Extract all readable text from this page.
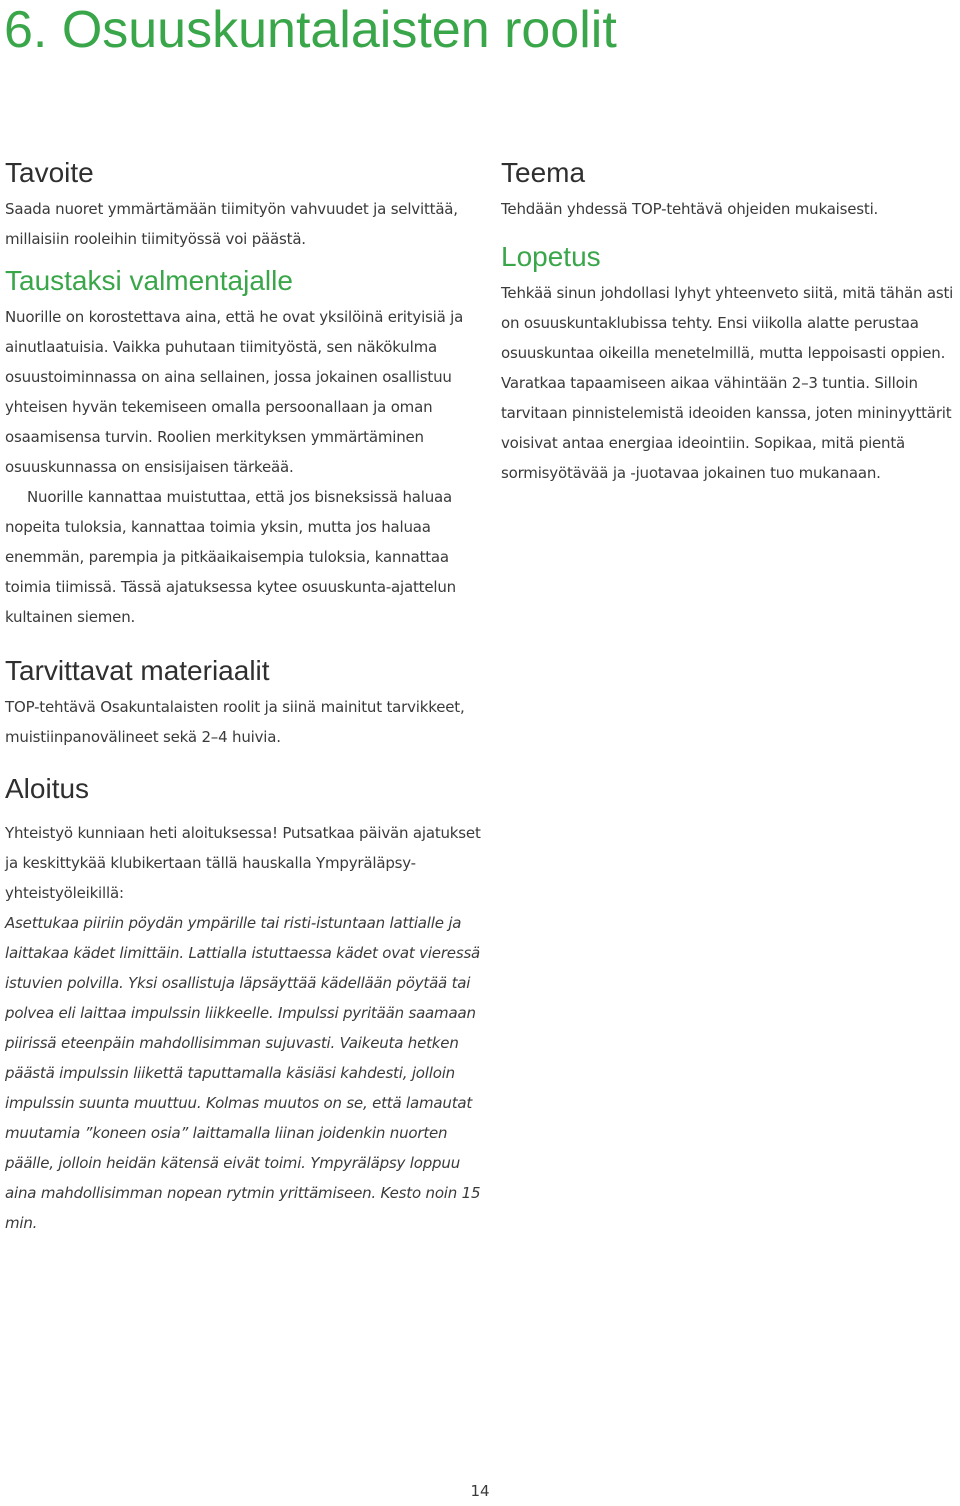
6. Osuuskuntalaisten roolit
Tavoite

Saada nuoret ymmärtämään tiimityön vahvuudet ja selvittää, millaisiin rooleihin tiimityössä voi päästä.

Taustaksi valmentajalle

Nuorille on korostettava aina, että he ovat yksilöinä erityisiä ja ainutlaatuisia. Vaikka puhutaan tiimityöstä, sen näkökulma osuustoiminnassa on aina sellainen, jossa jokainen osallistuu yhteisen hyvän tekemiseen omalla persoonallaan ja oman osaamisensa turvin. Roolien merkityksen ymmärtäminen osuuskunnassa on ensisijaisen tärkeää.

Nuorille kannattaa muistuttaa, että jos bisneksissä haluaa nopeita tuloksia, kannattaa toimia yksin, mutta jos haluaa enemmän, parempia ja pitkäaikaisempia tuloksia, kannattaa toimia tiimissä. Tässä ajatuksessa kytee osuuskunta-ajattelun kultainen siemen.

Tarvittavat materiaalit

TOP-tehtävä Osakuntalaisten roolit ja siinä mainitut tarvikkeet, muistiinpanovälineet sekä 2–4 huivia.

Aloitus

Yhteistyö kunniaan heti aloituksessa! Putsatkaa päivän ajatukset ja keskittykää klubikertaan tällä hauskalla Ympyräläpsy-yhteistyöleikillä:

Asettukaa piiriin pöydän ympärille tai risti-istuntaan lattialle ja laittakaa kädet limittäin. Lattialla istuttaessa kädet ovat vieressä istuvien polvilla. Yksi osallistuja läpsäyttää kädellään pöytää tai polvea eli laittaa impulssin liikkeelle. Impulssi pyritään saamaan piirissä eteenpäin mahdollisimman sujuvasti. Vaikeuta hetken päästä impulssin liikettä taputtamalla käsiäsi kahdesti, jolloin impulssin suunta muuttuu. Kolmas muutos on se, että lamautat muutamia ”koneen osia” laittamalla liinan joidenkin nuorten päälle, jolloin heidän kätensä eivät toimi. Ympyräläpsy loppuu aina mahdollisimman nopean rytmin yrittämiseen. Kesto noin 15 min.

Teema

Tehdään yhdessä TOP-tehtävä ohjeiden mukaisesti.

Lopetus

Tehkää sinun johdollasi lyhyt yhteenveto siitä, mitä tähän asti on osuuskuntaklubissa tehty. Ensi viikolla alatte perustaa osuuskuntaa oikeilla menetelmillä, mutta leppoisasti oppien. Varatkaa tapaamiseen aikaa vähintään 2–3 tuntia. Silloin tarvitaan pinnistelemistä ideoiden kanssa, joten mininyyttärit voisivat antaa energiaa ideointiin. Sopikaa, mitä pientä sormisyötävää ja -juotavaa jokainen tuo mukanaan.

14
